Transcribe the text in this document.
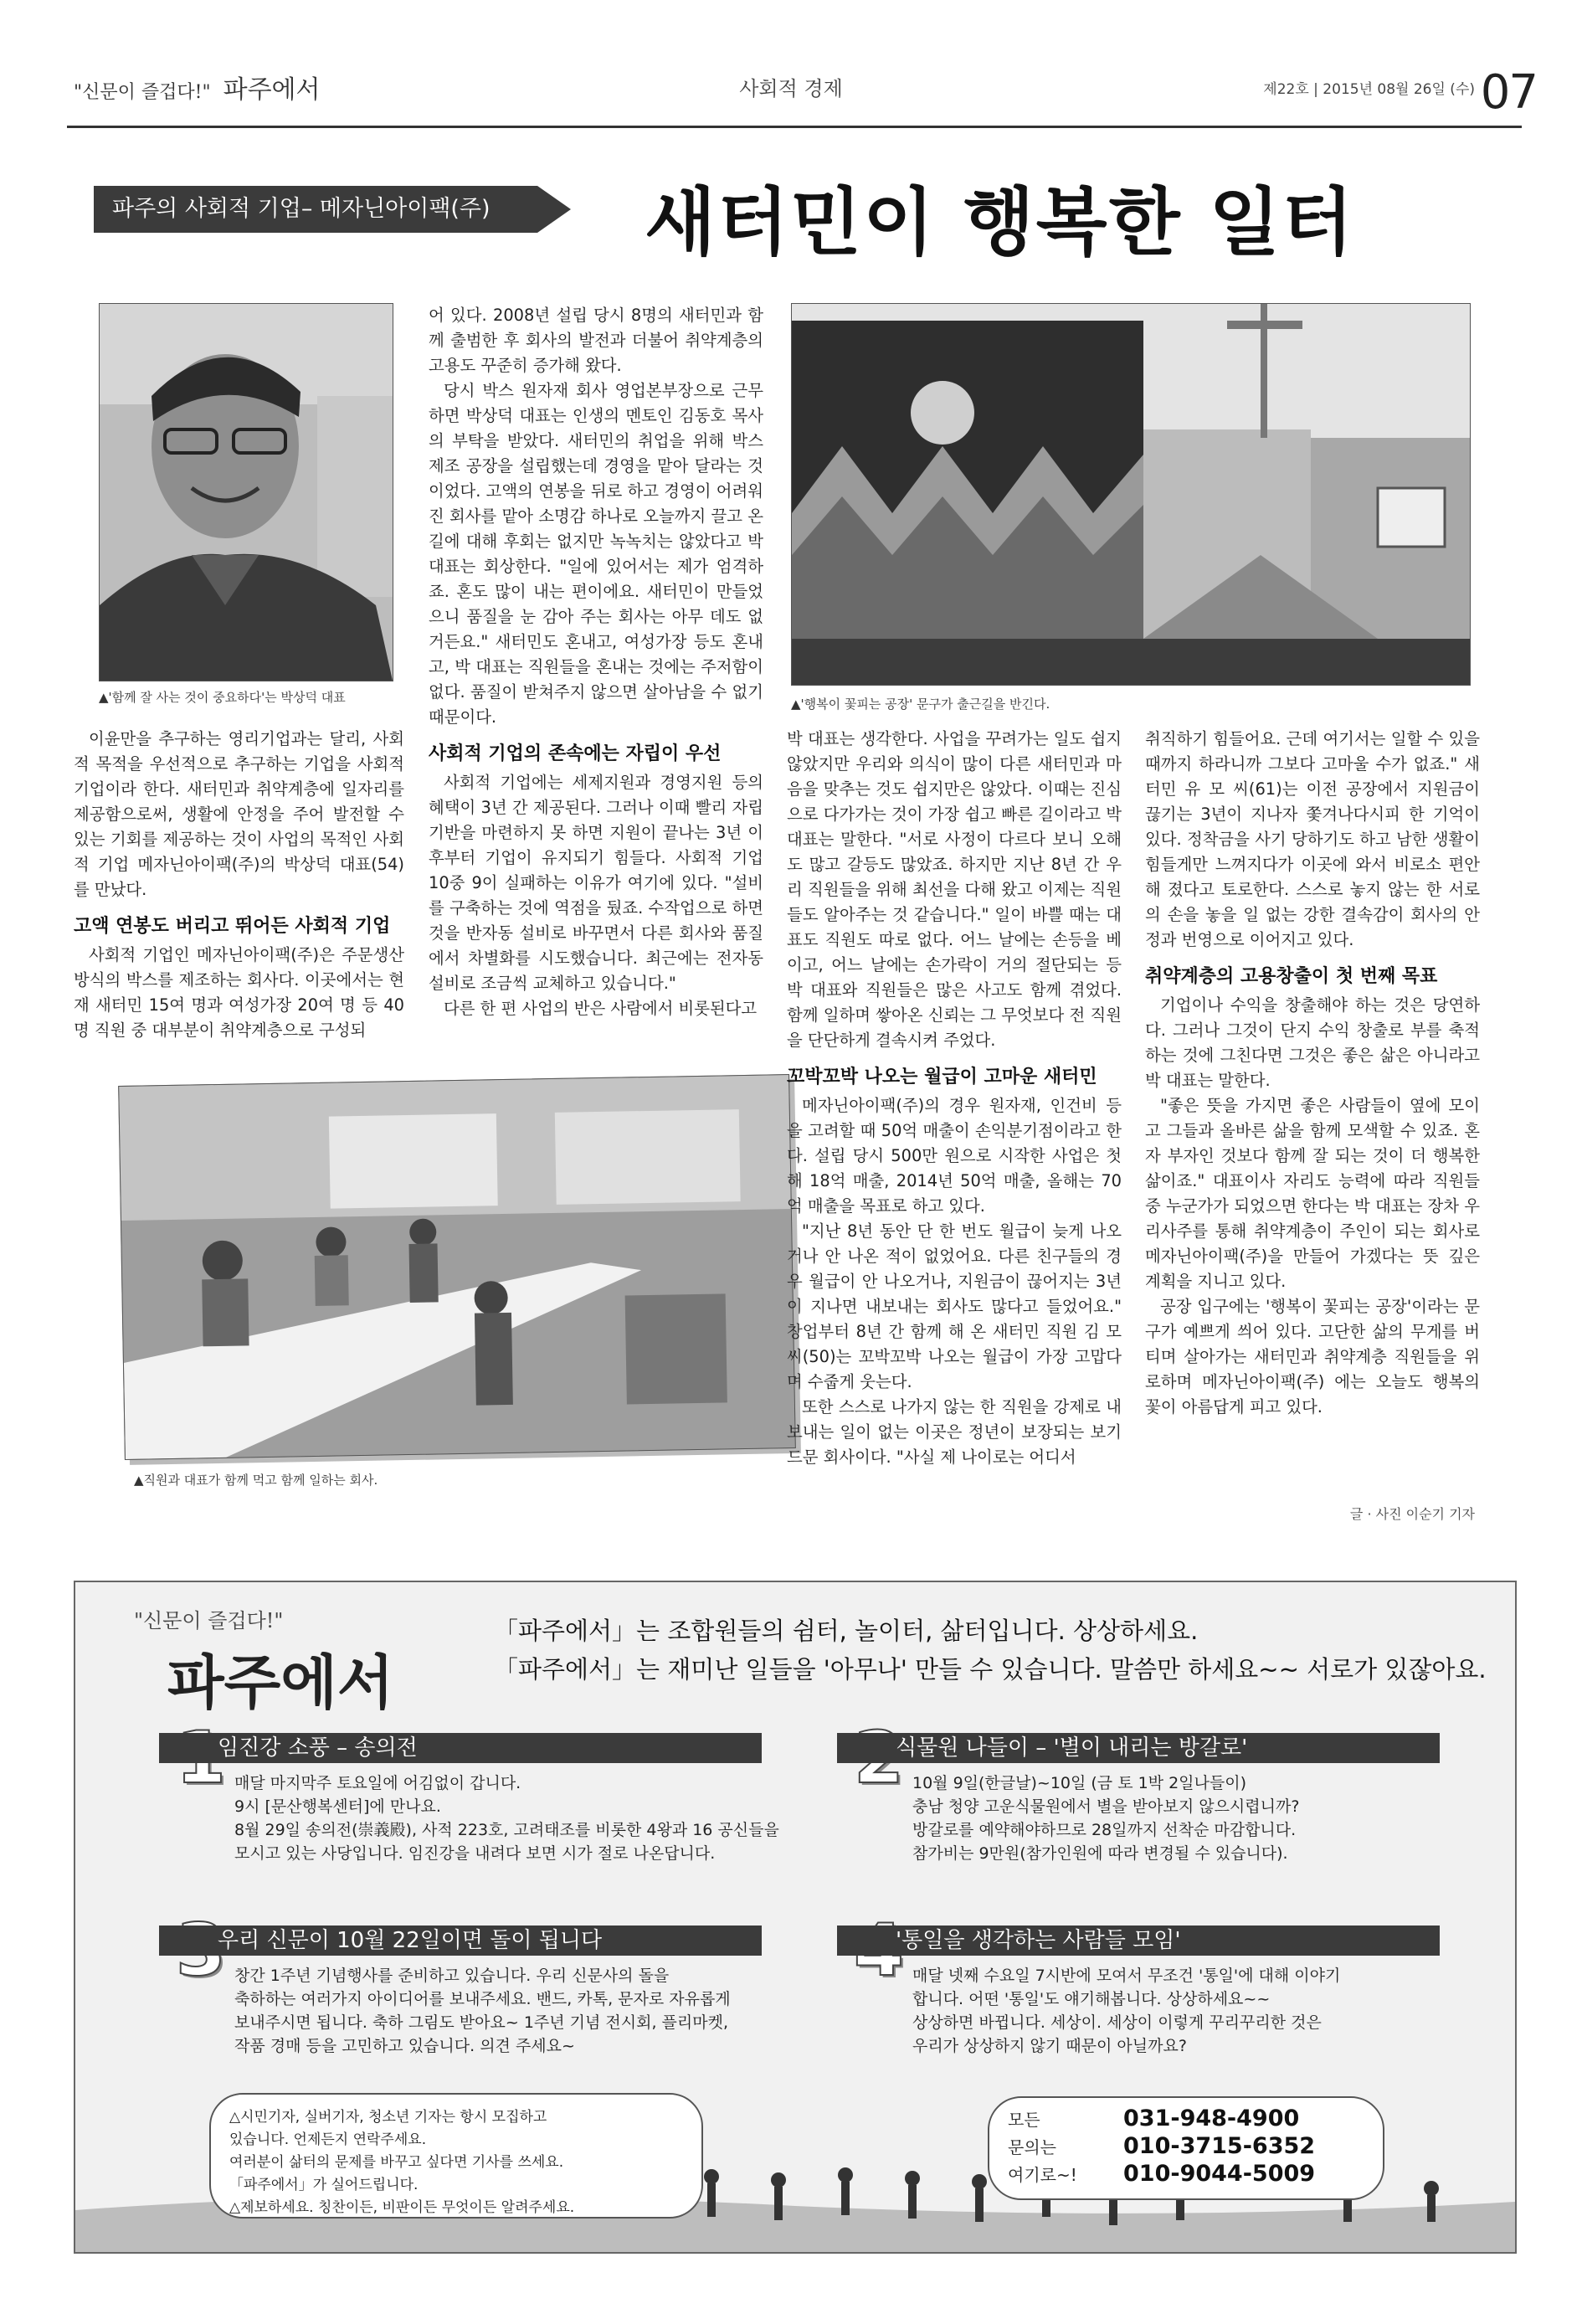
"신문이 즐겁다!" 파주에서	사회적 경제	제22호 | 2015년 08월 26일 (수) 07
파주의 사회적 기업– 메자닌아이팩(주)	새터민이 행복한 일터
▲'함께 잘 사는 것이 중요하다'는 박상덕 대표	▲'행복이 꽃피는 공장' 문구가 출근길을 반긴다.
▲직원과 대표가 함께 먹고 함께 일하는 회사.

이윤만을 추구하는 영리기업과는 달리, 사회적 목적을 우선적으로 추구하는 기업을 사회적 기업이라 한다. 새터민과 취약계층에 일자리를 제공함으로써, 생활에 안정을 주어 발전할 수 있는 기회를 제공하는 것이 사업의 목적인 사회적 기업 메자닌아이팩(주)의 박상덕 대표(54)를 만났다.

고액 연봉도 버리고 뛰어든 사회적 기업

사회적 기업인 메자닌아이팩(주)은 주문생산 방식의 박스를 제조하는 회사다. 이곳에서는 현재 새터민 15여 명과 여성가장 20여 명 등 40명 직원 중 대부분이 취약계층으로 구성되

어 있다. 2008년 설립 당시 8명의 새터민과 함께 출범한 후 회사의 발전과 더불어 취약계층의 고용도 꾸준히 증가해 왔다.

당시 박스 원자재 회사 영업본부장으로 근무하면 박상덕 대표는 인생의 멘토인 김동호 목사의 부탁을 받았다. 새터민의 취업을 위해 박스 제조 공장을 설립했는데 경영을 맡아 달라는 것이었다. 고액의 연봉을 뒤로 하고 경영이 어려워 진 회사를 맡아 소명감 하나로 오늘까지 끌고 온 길에 대해 후회는 없지만 녹녹치는 않았다고 박 대표는 회상한다. "일에 있어서는 제가 엄격하죠. 혼도 많이 내는 편이에요. 새터민이 만들었으니 품질을 눈 감아 주는 회사는 아무 데도 없거든요." 새터민도 혼내고, 여성가장 등도 혼내고, 박 대표는 직원들을 혼내는 것에는 주저함이 없다. 품질이 받쳐주지 않으면 살아남을 수 없기 때문이다.

사회적 기업의 존속에는 자립이 우선

사회적 기업에는 세제지원과 경영지원 등의 혜택이 3년 간 제공된다. 그러나 이때 빨리 자립기반을 마련하지 못 하면 지원이 끝나는 3년 이후부터 기업이 유지되기 힘들다. 사회적 기업 10중 9이 실패하는 이유가 여기에 있다. "설비를 구축하는 것에 역점을 뒀죠. 수작업으로 하면 것을 반자동 설비로 바꾸면서 다른 회사와 품질에서 차별화를 시도했습니다. 최근에는 전자동 설비로 조금씩 교체하고 있습니다."

다른 한 편 사업의 반은 사람에서 비롯된다고

박 대표는 생각한다. 사업을 꾸려가는 일도 쉽지 않았지만 우리와 의식이 많이 다른 새터민과 마음을 맞추는 것도 쉽지만은 않았다. 이때는 진심으로 다가가는 것이 가장 쉽고 빠른 길이라고 박대표는 말한다. "서로 사정이 다르다 보니 오해도 많고 갈등도 많았죠. 하지만 지난 8년 간 우리 직원들을 위해 최선을 다해 왔고 이제는 직원들도 알아주는 것 같습니다." 일이 바쁠 때는 대표도 직원도 따로 없다. 어느 날에는 손등을 베이고, 어느 날에는 손가락이 거의 절단되는 등 박 대표와 직원들은 많은 사고도 함께 겪었다. 함께 일하며 쌓아온 신뢰는 그 무엇보다 전 직원을 단단하게 결속시켜 주었다.

꼬박꼬박 나오는 월급이 고마운 새터민

메자닌아이팩(주)의 경우 원자재, 인건비 등을 고려할 때 50억 매출이 손익분기점이라고 한다. 설립 당시 500만 원으로 시작한 사업은 첫해 18억 매출, 2014년 50억 매출, 올해는 70억 매출을 목표로 하고 있다.

"지난 8년 동안 단 한 번도 월급이 늦게 나오거나 안 나온 적이 없었어요. 다른 친구들의 경우 월급이 안 나오거나, 지원금이 끊어지는 3년이 지나면 내보내는 회사도 많다고 들었어요." 창업부터 8년 간 함께 해 온 새터민 직원 김 모 씨(50)는 꼬박꼬박 나오는 월급이 가장 고맙다며 수줍게 웃는다.

또한 스스로 나가지 않는 한 직원을 강제로 내보내는 일이 없는 이곳은 정년이 보장되는 보기 드문 회사이다. "사실 제 나이로는 어디서

취직하기 힘들어요. 근데 여기서는 일할 수 있을 때까지 하라니까 그보다 고마울 수가 없죠." 새터민 유 모 씨(61)는 이전 공장에서 지원금이 끊기는 3년이 지나자 쫓겨나다시피 한 기억이 있다. 정착금을 사기 당하기도 하고 남한 생활이 힘들게만 느껴지다가 이곳에 와서 비로소 편안해 졌다고 토로한다. 스스로 놓지 않는 한 서로의 손을 놓을 일 없는 강한 결속감이 회사의 안정과 번영으로 이어지고 있다.

취약계층의 고용창출이 첫 번째 목표

기업이나 수익을 창출해야 하는 것은 당연하다. 그러나 그것이 단지 수익 창출로 부를 축적하는 것에 그친다면 그것은 좋은 삶은 아니라고 박 대표는 말한다.

"좋은 뜻을 가지면 좋은 사람들이 옆에 모이고 그들과 올바른 삶을 함께 모색할 수 있죠. 혼자 부자인 것보다 함께 잘 되는 것이 더 행복한 삶이죠." 대표이사 자리도 능력에 따라 직원들 중 누군가가 되었으면 한다는 박 대표는 장차 우리사주를 통해 취약계층이 주인이 되는 회사로 메자닌아이팩(주)을 만들어 가겠다는 뜻 깊은 계획을 지니고 있다.

공장 입구에는 '행복이 꽃피는 공장'이라는 문구가 예쁘게 씌어 있다. 고단한 삶의 무게를 버티며 살아가는 새터민과 취약계층 직원들을 위로하며 메자닌아이팩(주) 에는 오늘도 행복의 꽃이 아름답게 피고 있다.

글 · 사진 이순기 기자
"신문이 즐겁다!"
파주에서
「파주에서」는 조합원들의 쉼터, 놀이터, 삶터입니다. 상상하세요.
「파주에서」는 재미난 일들을 '아무나' 만들 수 있습니다. 말씀만 하세요~~ 서로가 있잖아요.
임진강 소풍 – 송의전
매달 마지막주 토요일에 어김없이 갑니다.
9시 [문산행복센터]에 만나요.
8월 29일 송의전(崇義殿), 사적 223호, 고려태조를 비롯한 4왕과 16 공신들을
모시고 있는 사당입니다. 임진강을 내려다 보면 시가 절로 나온답니다.
식물원 나들이 – '별이 내리는 방갈로'
10월 9일(한글날)~10일 (금 토 1박 2일나들이)
충남 청양 고운식물원에서 별을 받아보지 않으시렵니까?
방갈로를 예약해야하므로 28일까지 선착순 마감합니다.
참가비는 9만원(참가인원에 따라 변경될 수 있습니다).
우리 신문이 10월 22일이면 돌이 됩니다
창간 1주년 기념행사를 준비하고 있습니다. 우리 신문사의 돌을
축하하는 여러가지 아이디어를 보내주세요. 밴드, 카톡, 문자로 자유롭게
보내주시면 됩니다. 축하 그림도 받아요~ 1주년 기념 전시회, 플리마켓,
작품 경매 등을 고민하고 있습니다. 의견 주세요~
'통일을 생각하는 사람들 모임'
매달 넷째 수요일 7시반에 모여서 무조건 '통일'에 대해 이야기
합니다. 어떤 '통일'도 얘기해봅니다. 상상하세요~~
상상하면 바뀝니다. 세상이. 세상이 이렇게 꾸리꾸리한 것은
우리가 상상하지 않기 때문이 아닐까요?
△시민기자, 실버기자, 청소년 기자는 항시 모집하고
있습니다. 언제든지 연락주세요.
여러분이 삶터의 문제를 바꾸고 싶다면 기사를 쓰세요.
「파주에서」가 실어드립니다.
△제보하세요. 칭찬이든, 비판이든 무엇이든 알려주세요.
모든
문의는
여기로~!
031-948-4900
010-3715-6352
010-9044-5009
